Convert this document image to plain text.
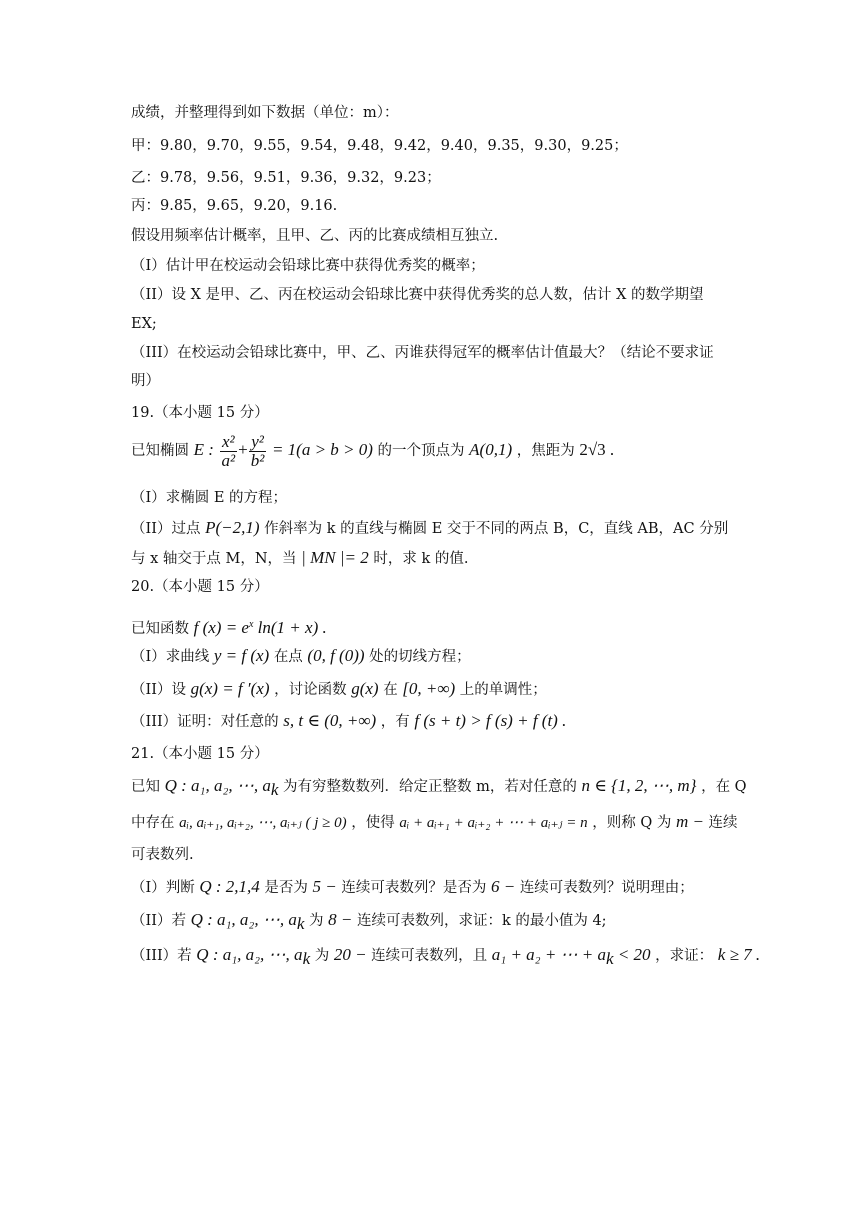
成绩，并整理得到如下数据（单位：m）：
甲：9.80，9.70，9.55，9.54，9.48，9.42，9.40，9.35，9.30，9.25；
乙：9.78，9.56，9.51，9.36，9.32，9.23；
丙：9.85，9.65，9.20，9.16.
假设用频率估计概率，且甲、乙、丙的比赛成绩相互独立.
（I）估计甲在校运动会铅球比赛中获得优秀奖的概率；
（II）设 X 是甲、乙、丙在校运动会铅球比赛中获得优秀奖的总人数，估计 X 的数学期望
EX;
（III）在校运动会铅球比赛中，甲、乙、丙谁获得冠军的概率估计值最大？（结论不要求证
明）
19.（本小题 15 分）
已知椭圆 E : $\frac{\text{x²}}{\text{a²}} + \frac{\text{y²}}{\text{b²}} = 1(a > b > 0)$ 的一个顶点为 A(0,1) ，焦距为 2√3 .
（I）求椭圆 E 的方程；
（II）过点 P(−2,1) 作斜率为 k 的直线与椭圆 E 交于不同的两点 B，C，直线 AB，AC 分别
与 x 轴交于点 M，N，当 | MN |= 2 时，求 k 的值.
20.（本小题 15 分）
已知函数 f $(x) = e^x$ ln(1 + x) .
（I）求曲线 y = f (x) 在点 (0, f (0)) 处的切线方程；
（II）设 g(x) = f ′(x) ，讨论函数 g(x) 在 [0, +∞) 上的单调性；
（III）证明：对任意的 s, t ∈ (0, +∞) ，有 f (s + t) > f (s) + f (t) .
21.（本小题 15 分）
已知 Q : a₁, a₂, ⋯, $a_k$ 为有穷整数数列．给定正整数 m，若对任意的 n ∈ {1, 2, ⋯, m} ，在 Q
中存在 aᵢ, aᵢ₊₁, aᵢ₊₂, ⋯, aᵢ₊ⱼ ( j ≥ 0) ，使得 aᵢ + aᵢ₊₁ + aᵢ₊₂ + ⋯ + aᵢ₊ⱼ = n ，则称 Q 为 m − 连续
可表数列.
（I）判断 Q : 2,1,4 是否为 5 − 连续可表数列？是否为 6 − 连续可表数列？说明理由；
（II）若 Q : a₁, a₂, ⋯, $a_k$ 为 8 − 连续可表数列，求证：k 的最小值为 4;
（III）若 Q : a₁, a₂, ⋯, $a_k$ 为 20 − 连续可表数列，且 a₁ + a₂ + ⋯ + $a_k < 20$ ，求证： k ≥ 7 .
